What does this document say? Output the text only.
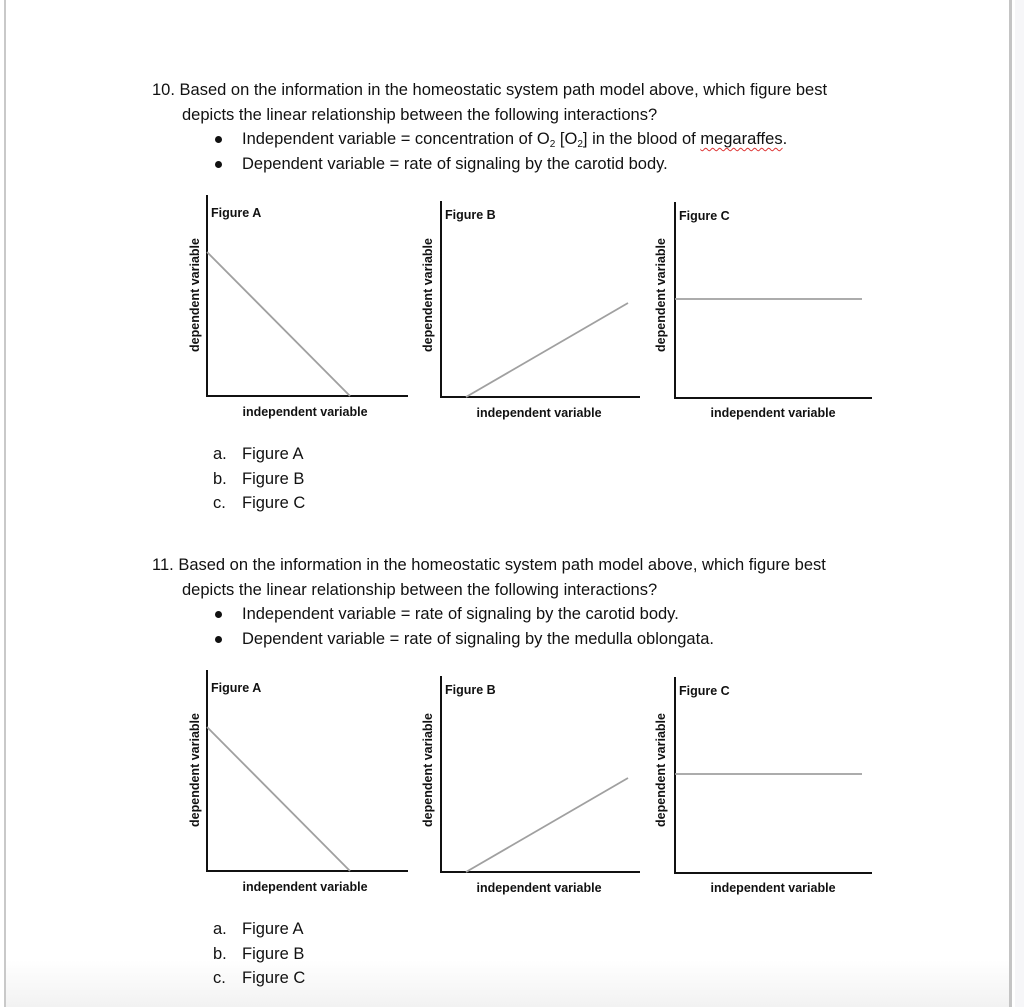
10. Based on the information in the homeostatic system path model above, which figure best
depicts the linear relationship between the following interactions?
Independent variable = concentration of $O_2$ $[O_2]$ in the blood of megaraffes.
Dependent variable = rate of signaling by the carotid body.
Figure A
dependent variable
independent variable
Figure B
dependent variable
independent variable
Figure C
dependent variable
independent variable
a. Figure A
b. Figure B
c. Figure C
11. Based on the information in the homeostatic system path model above, which figure best
depicts the linear relationship between the following interactions?
Independent variable = rate of signaling by the carotid body.
Dependent variable = rate of signaling by the medulla oblongata.
Figure A
dependent variable
independent variable
Figure B
dependent variable
independent variable
Figure C
dependent variable
independent variable
a. Figure A
b. Figure B
c. Figure C
